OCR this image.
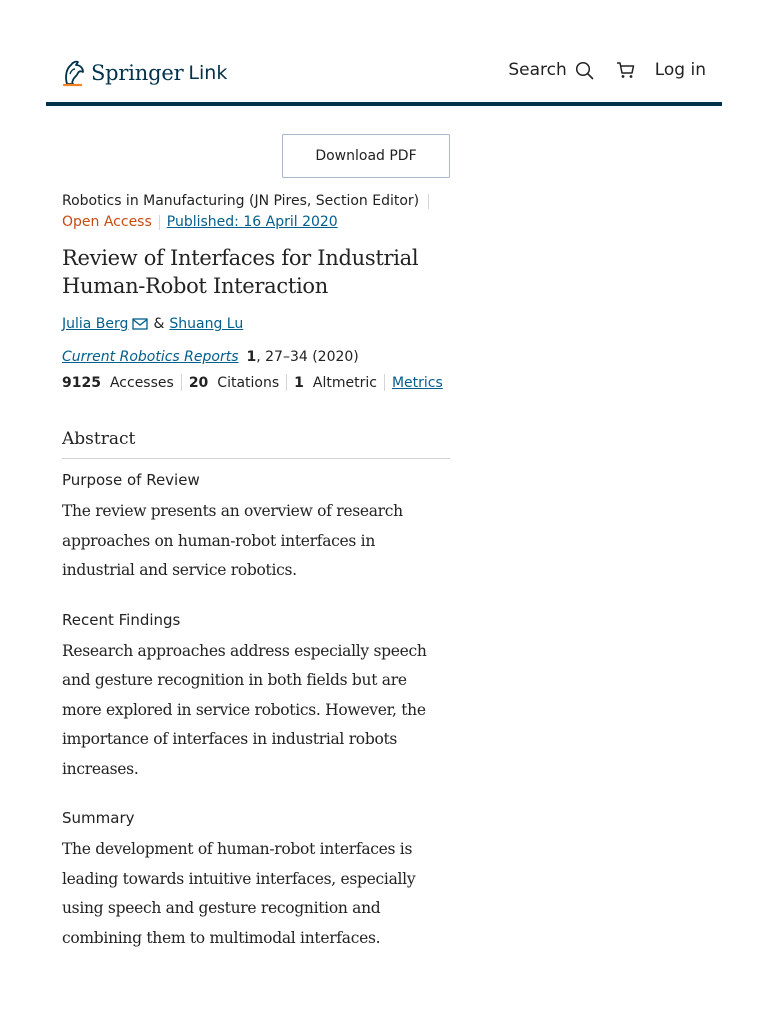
Springer Link	Search	Log in
Download PDF
Robotics in Manufacturing (JN Pires, Section Editor)
Open Access Published: 16 April 2020
Review of Interfaces for Industrial Human-Robot Interaction
Julia Berg & Shuang Lu
Current Robotics Reports 1, 27–34 (2020)
9125 Accesses 20 Citations 1 Altmetric Metrics
Abstract
Purpose of Review

The review presents an overview of research approaches on human-robot interfaces in industrial and service robotics.

Recent Findings

Research approaches address especially speech and gesture recognition in both fields but are more explored in service robotics. However, the importance of interfaces in industrial robots increases.

Summary

The development of human-robot interfaces is leading towards intuitive interfaces, especially using speech and gesture recognition and combining them to multimodal interfaces.
